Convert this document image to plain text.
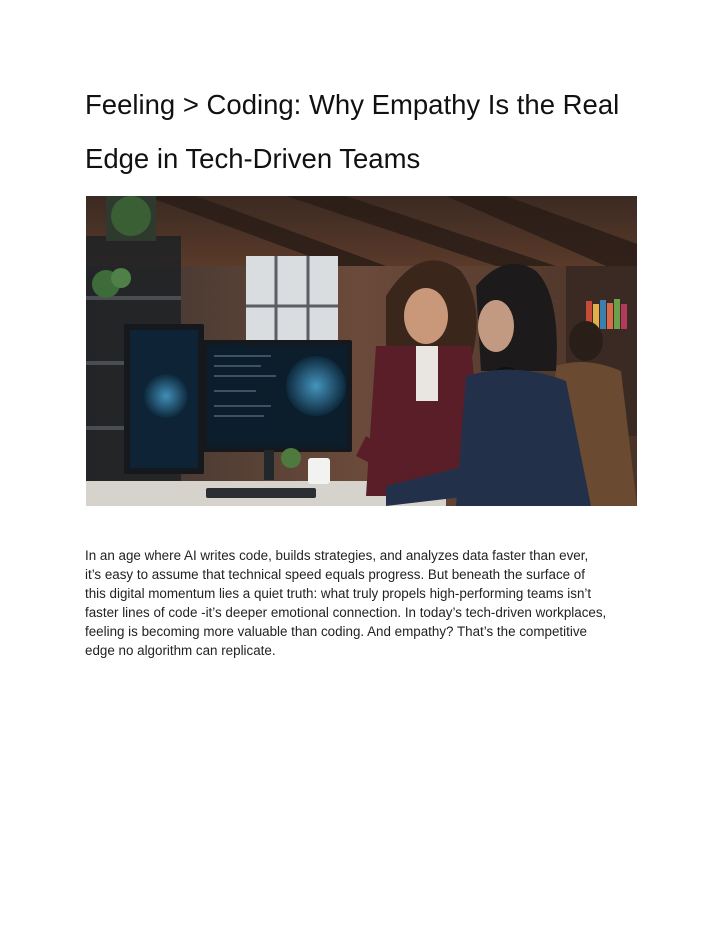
Feeling > Coding: Why Empathy Is the Real
Edge in Tech-Driven Teams

In an age where AI writes code, builds strategies, and analyzes data faster than ever,
it’s easy to assume that technical speed equals progress. But beneath the surface of
this digital momentum lies a quiet truth: what truly propels high-performing teams isn’t
faster lines of code -it’s deeper emotional connection. In today’s tech-driven workplaces,
feeling is becoming more valuable than coding. And empathy? That’s the competitive
edge no algorithm can replicate.
